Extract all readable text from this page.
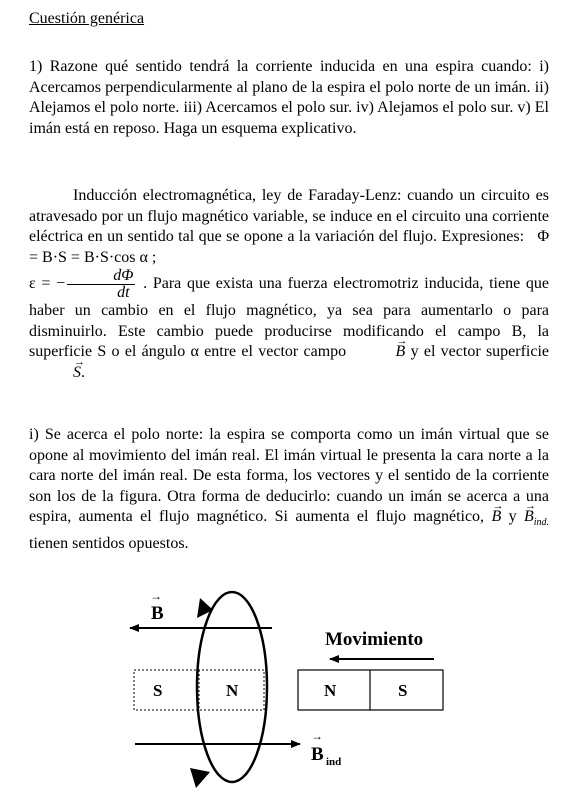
Cuestión genérica

1) Razone qué sentido tendrá la corriente inducida en una espira cuando: i) Acercamos perpendicularmente al plano de la espira el polo norte de un imán. ii) Alejamos el polo norte. iii) Acercamos el polo sur. iv) Alejamos el polo sur. v) El imán está en reposo. Haga un esquema explicativo.

Inducción electromagnética, ley de Faraday-Lenz: cuando un circuito es atravesado por un flujo magnético variable, se induce en el circuito una corriente eléctrica en un sentido tal que se opone a la variación del flujo. Expresiones: Φ = B·S = B·S·cos α ;
ε = − $\frac{d\Phi}{dt}$ . Para que exista una fuerza electromotriz inducida, tiene que haber un cambio en el flujo magnético, ya sea para aumentarlo o para disminuirlo. Este cambio puede producirse modificando el campo B, la superficie S o el ángulo α entre el vector campo	→ B y el vector superficie → S.

i) Se acerca el polo norte: la espira se comporta como un imán virtual que se opone al movimiento del imán real. El imán virtual le presenta la cara norte a la cara norte del imán real. De esta forma, los vectores y el sentido de la corriente son los de la figura. Otra forma de deducirlo: cuando un imán se acerca a una espira, aumenta el flujo magnético. Si aumenta el flujo magnético, → B $y \to B_{ind.}$ tienen sentidos opuestos.

S	N	N	S
Movimiento
→
B
→
B ind
